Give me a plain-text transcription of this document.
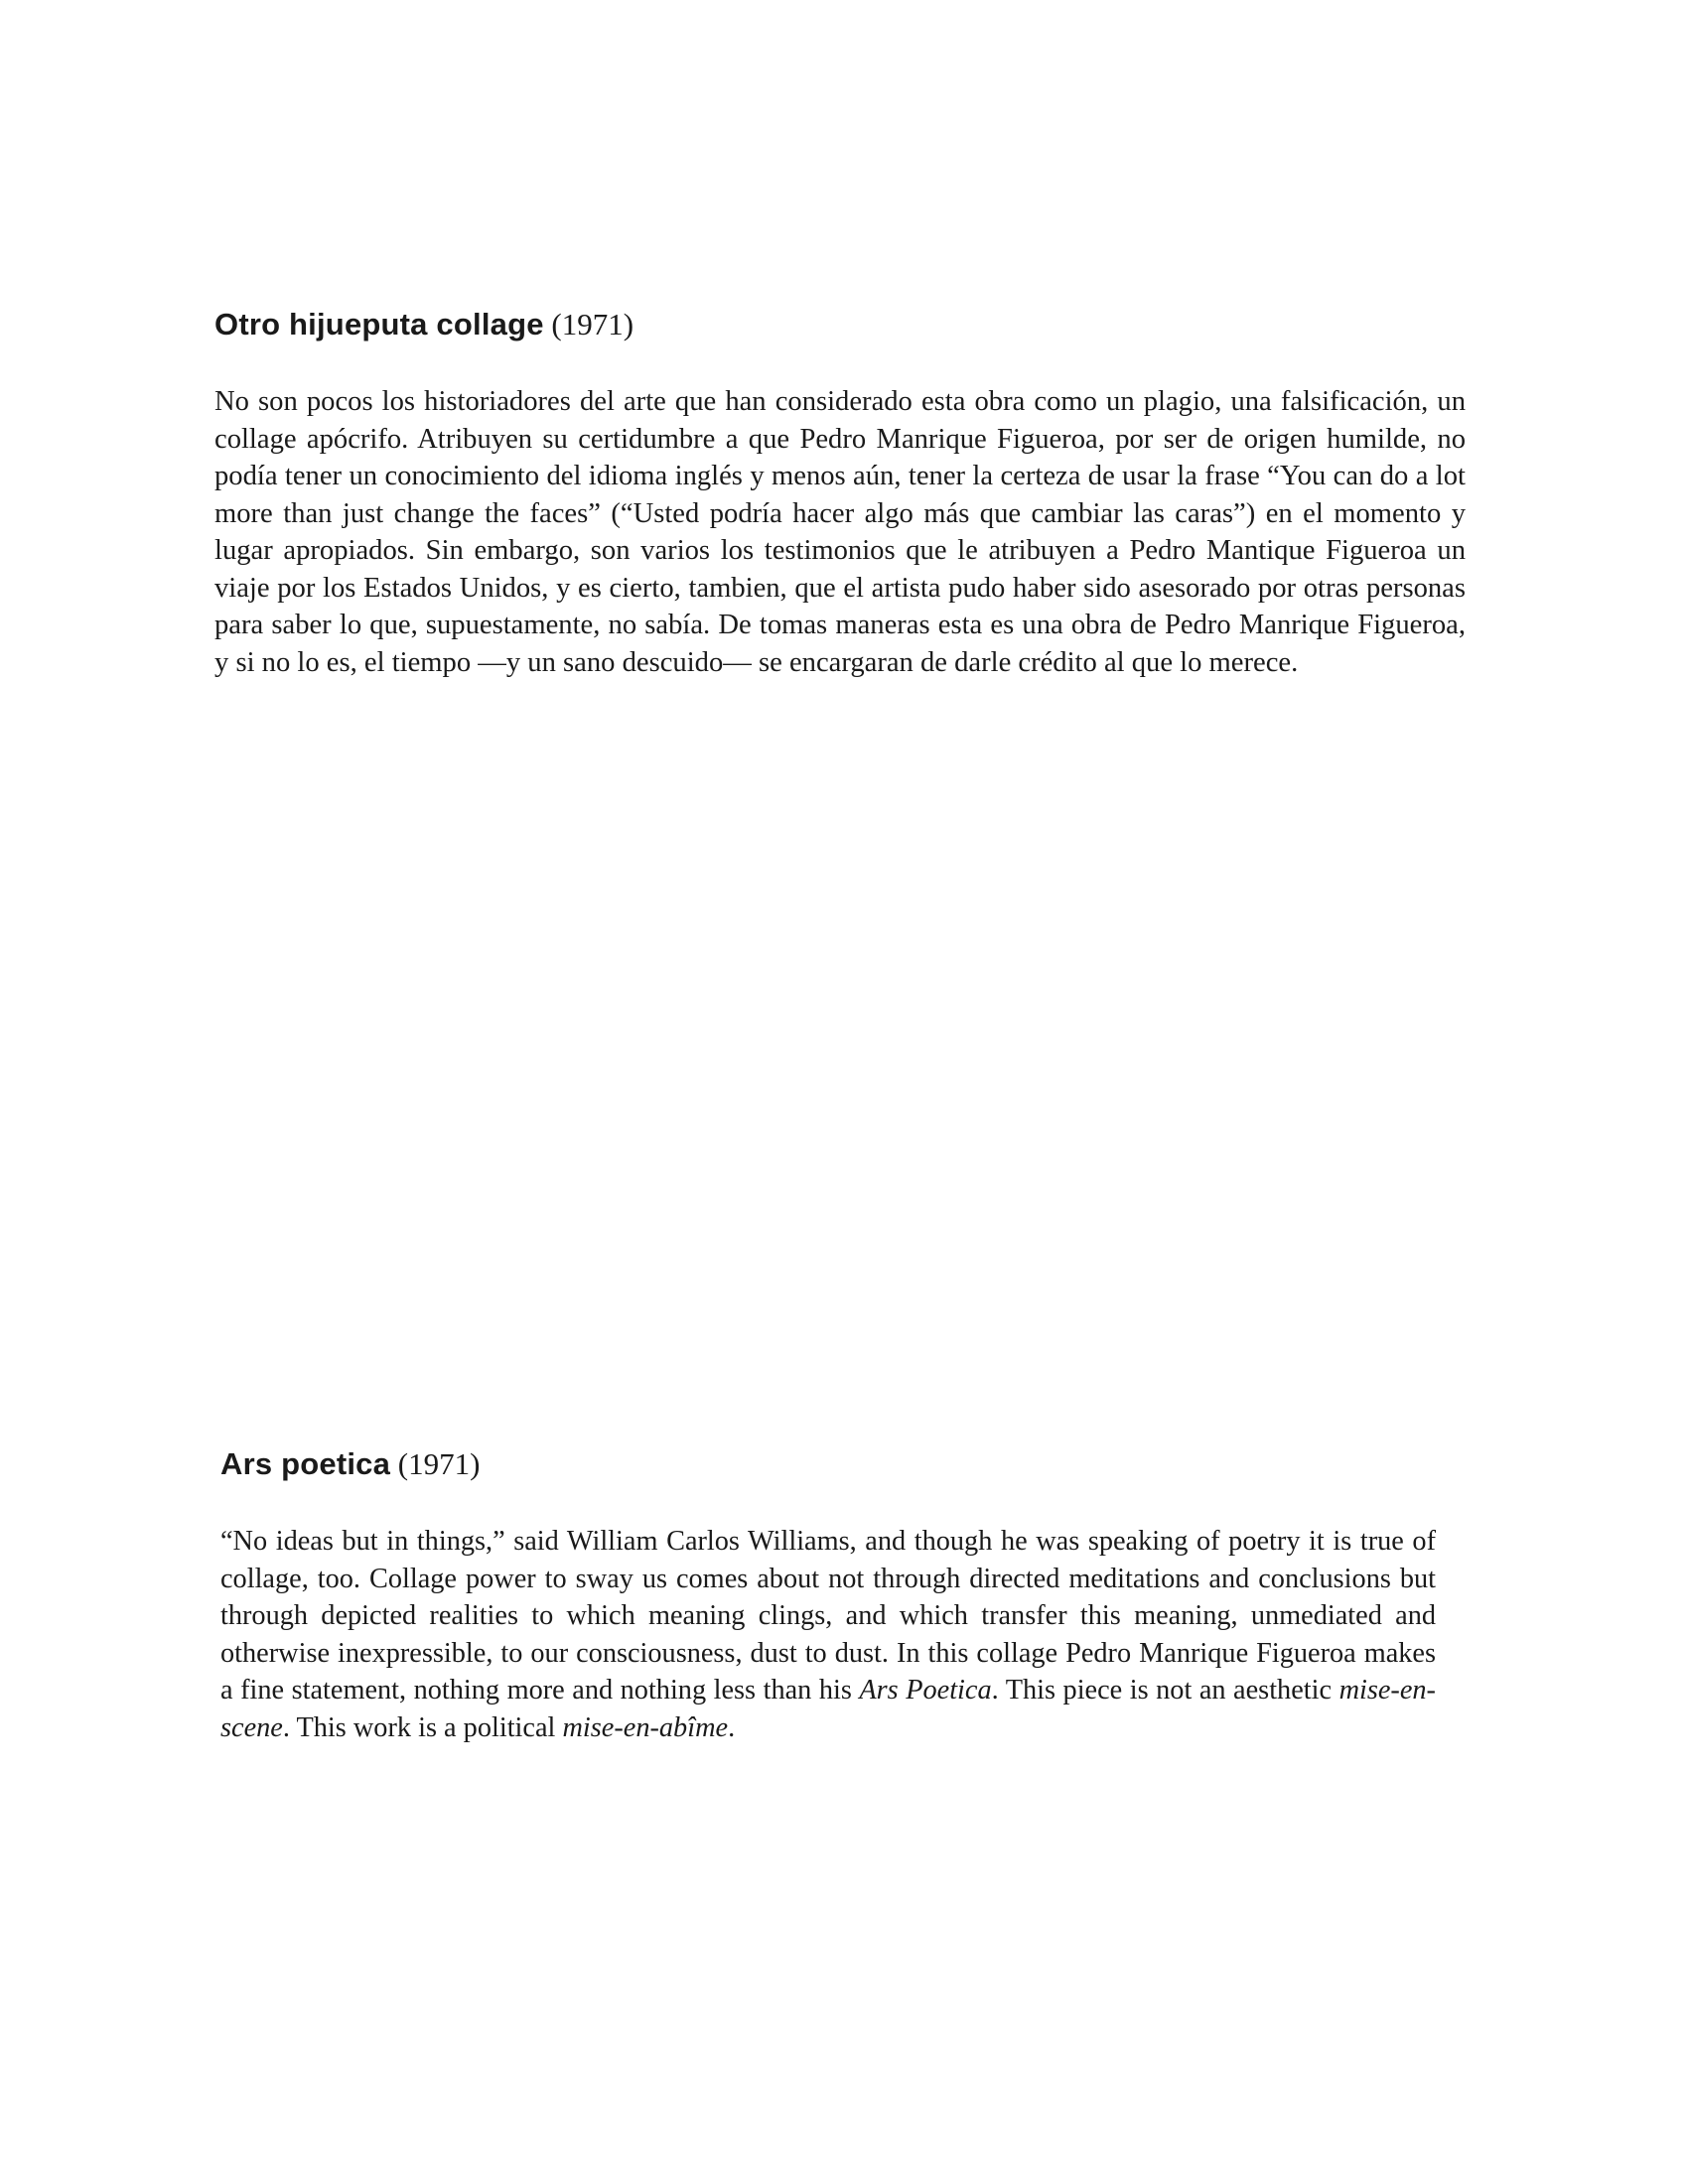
Otro hijueputa collage (1971)

No son pocos los historiadores del arte que han considerado esta obra como un plagio, una falsificación, un collage apócrifo. Atribuyen su certidumbre a que Pedro Manrique Figueroa, por ser de origen humilde, no podía tener un conocimiento del idioma inglés y menos aún, tener la certeza de usar la frase “You can do a lot more than just change the faces” (“Usted podría hacer algo más que cambiar las caras”) en el momento y lugar apropiados. Sin embargo, son varios los testimonios que le atribuyen a Pedro Mantique Figueroa un viaje por los Estados Unidos, y es cierto, tambien, que el artista pudo haber sido asesorado por otras personas para saber lo que, supuestamente, no sabía. De tomas maneras esta es una obra de Pedro Manrique Figueroa, y si no lo es, el tiempo —y un sano descuido— se encargaran de darle crédito al que lo merece.

Ars poetica (1971)

“No ideas but in things,” said William Carlos Williams, and though he was speaking of poetry it is true of collage, too. Collage power to sway us comes about not through directed meditations and conclusions but through depicted realities to which meaning clings, and which transfer this meaning, unmediated and otherwise inexpressible, to our consciousness, dust to dust. In this collage Pedro Manrique Figueroa makes a fine statement, nothing more and nothing less than his Ars Poetica. This piece is not an aesthetic mise-en-scene. This work is a political mise-en-abîme.
